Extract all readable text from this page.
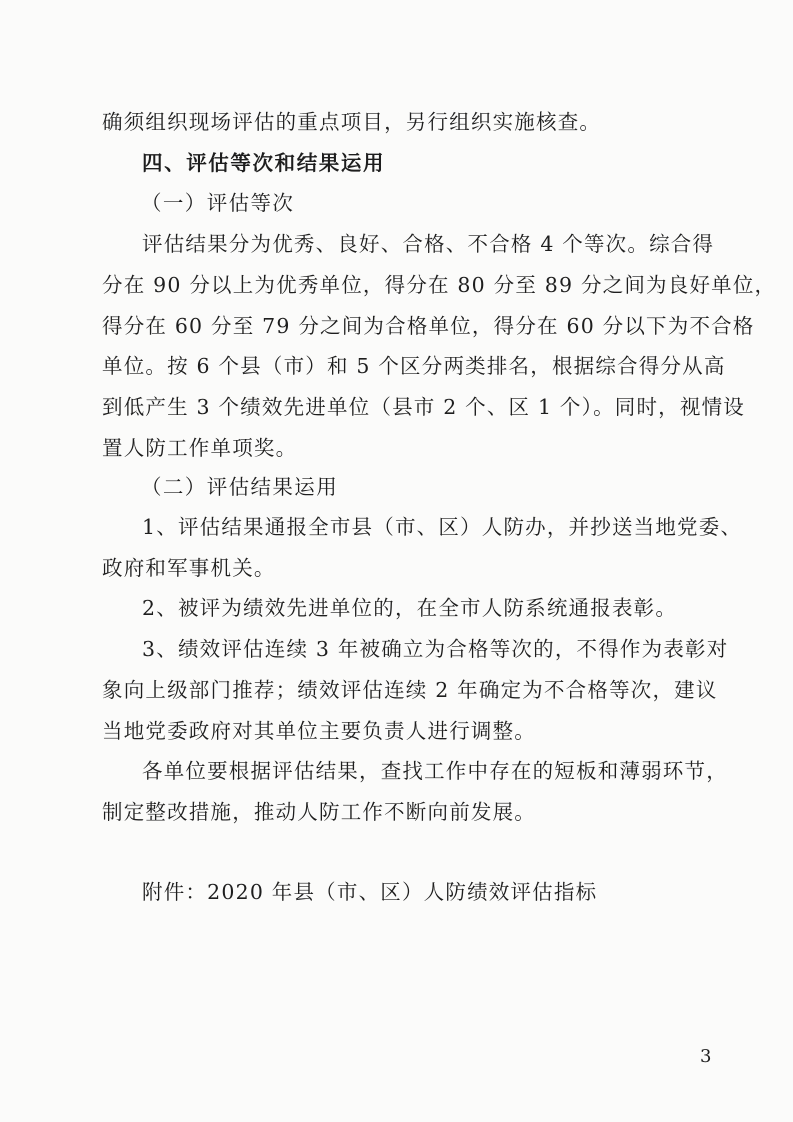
确须组织现场评估的重点项目，另行组织实施核查。
四、评估等次和结果运用
（一）评估等次
评估结果分为优秀、良好、合格、不合格 4 个等次。综合得
分在 90 分以上为优秀单位，得分在 80 分至 89 分之间为良好单位，
得分在 60 分至 79 分之间为合格单位，得分在 60 分以下为不合格
单位。按 6 个县（市）和 5 个区分两类排名，根据综合得分从高
到低产生 3 个绩效先进单位（县市 2 个、区 1 个）。同时，视情设
置人防工作单项奖。
（二）评估结果运用
1、评估结果通报全市县（市、区）人防办，并抄送当地党委、
政府和军事机关。
2、被评为绩效先进单位的，在全市人防系统通报表彰。
3、绩效评估连续 3 年被确立为合格等次的，不得作为表彰对
象向上级部门推荐；绩效评估连续 2 年确定为不合格等次，建议
当地党委政府对其单位主要负责人进行调整。
各单位要根据评估结果，查找工作中存在的短板和薄弱环节，
制定整改措施，推动人防工作不断向前发展。
附件：2020 年县（市、区）人防绩效评估指标
3
